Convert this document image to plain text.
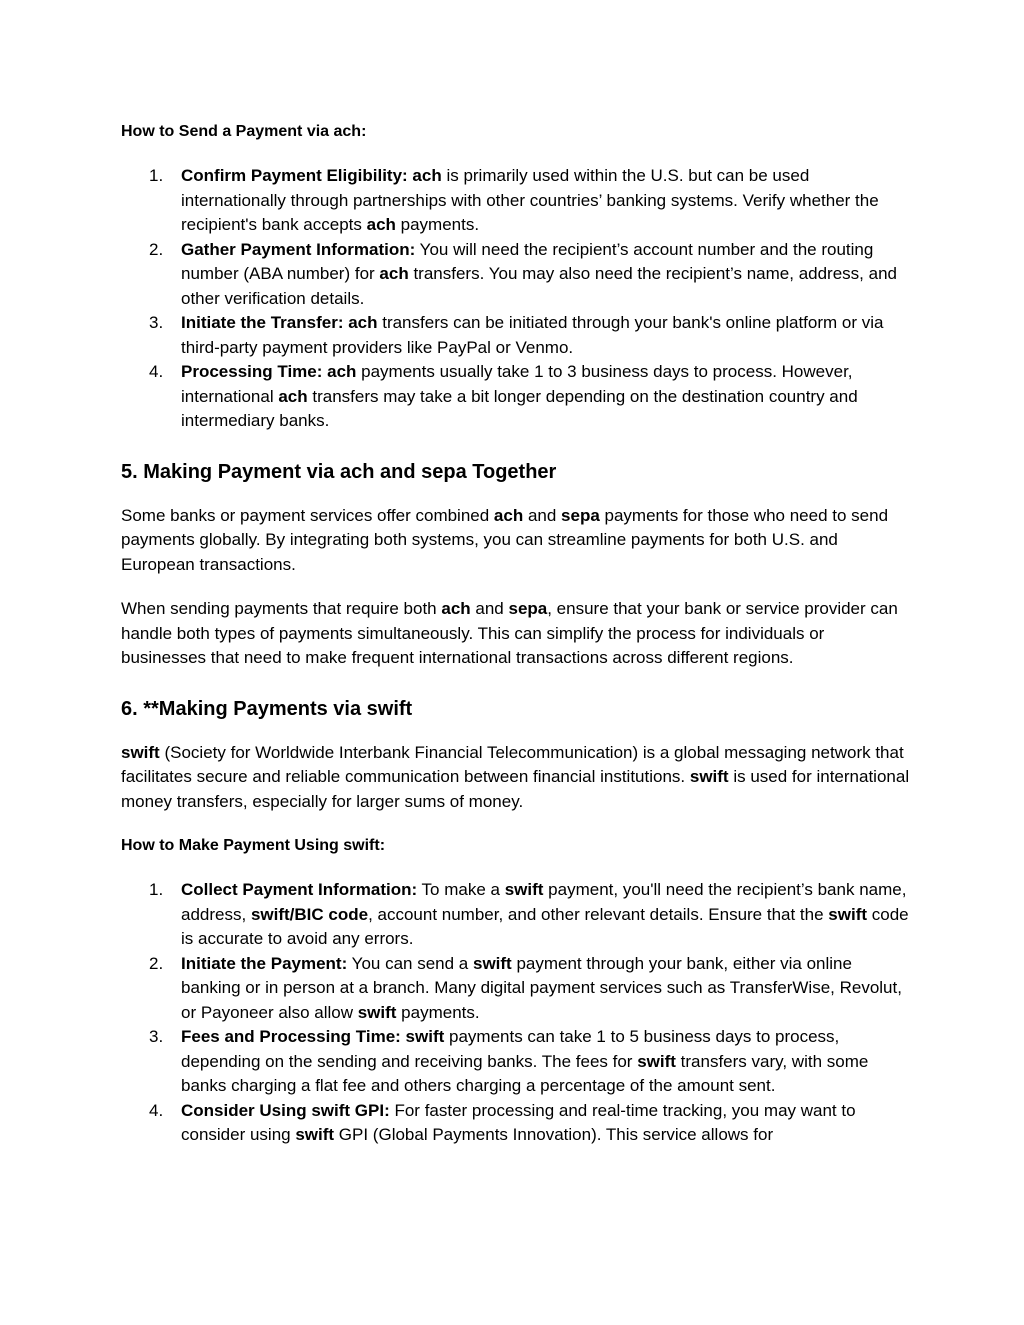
How to Send a Payment via ach:

1. Confirm Payment Eligibility: ach is primarily used within the U.S. but can be used internationally through partnerships with other countries’ banking systems. Verify whether the recipient's bank accepts ach payments.
2. Gather Payment Information: You will need the recipient’s account number and the routing number (ABA number) for ach transfers. You may also need the recipient’s name, address, and other verification details.
3. Initiate the Transfer: ach transfers can be initiated through your bank's online platform or via third-party payment providers like PayPal or Venmo.
4. Processing Time: ach payments usually take 1 to 3 business days to process. However, international ach transfers may take a bit longer depending on the destination country and intermediary banks.
5. Making Payment via ach and sepa Together

Some banks or payment services offer combined ach and sepa payments for those who need to send payments globally. By integrating both systems, you can streamline payments for both U.S. and European transactions.

When sending payments that require both ach and sepa, ensure that your bank or service provider can handle both types of payments simultaneously. This can simplify the process for individuals or businesses that need to make frequent international transactions across different regions.

6. **Making Payments via swift

swift (Society for Worldwide Interbank Financial Telecommunication) is a global messaging network that facilitates secure and reliable communication between financial institutions. swift is used for international money transfers, especially for larger sums of money.

How to Make Payment Using swift:

1. Collect Payment Information: To make a swift payment, you'll need the recipient’s bank name, address, swift/BIC code, account number, and other relevant details. Ensure that the swift code is accurate to avoid any errors.
2. Initiate the Payment: You can send a swift payment through your bank, either via online banking or in person at a branch. Many digital payment services such as TransferWise, Revolut, or Payoneer also allow swift payments.
3. Fees and Processing Time: swift payments can take 1 to 5 business days to process, depending on the sending and receiving banks. The fees for swift transfers vary, with some banks charging a flat fee and others charging a percentage of the amount sent.
4. Consider Using swift GPI: For faster processing and real-time tracking, you may want to consider using swift GPI (Global Payments Innovation). This service allows for
